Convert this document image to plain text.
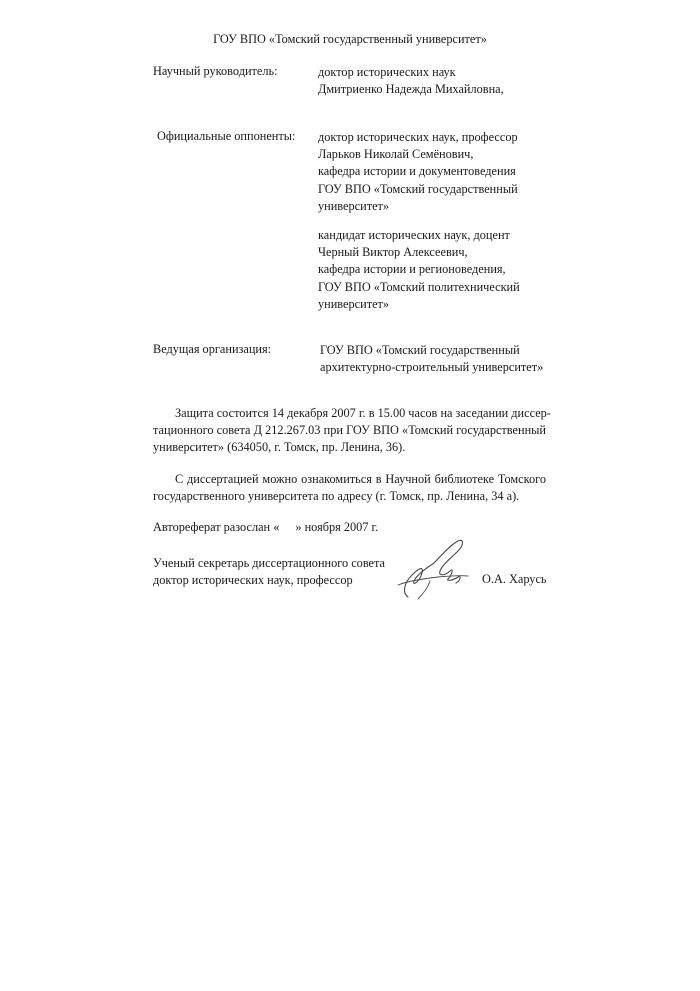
ГОУ ВПО «Томский государственный университет»
Научный руководитель:	доктор исторических наук
Дмитриенко Надежда Михайловна,
Официальные оппоненты: доктор исторических наук, профессор
Ларьков Николай Семёнович,
кафедра истории и документоведения
ГОУ ВПО «Томский государственный
университет»
кандидат исторических наук, доцент
Черный Виктор Алексеевич,
кафедра истории и регионоведения,
ГОУ ВПО «Томский политехнический
университет»
Ведущая организация:	ГОУ ВПО «Томский государственный
архитектурно-строительный университет»
Защита состоится 14 декабря 2007 г. в 15.00 часов на заседании диссер-
тационного совета Д 212.267.03 при ГОУ ВПО «Томский государственный
университет» (634050, г. Томск, пр. Ленина, 36).
С диссертацией можно ознакомиться в Научной библиотеке Томского
государственного университета по адресу (г. Томск, пр. Ленина, 34 а).
Автореферат разослан « » ноября 2007 г.
Ученый секретарь диссертационного совета
доктор исторических наук, профессор	О.А. Харусь
